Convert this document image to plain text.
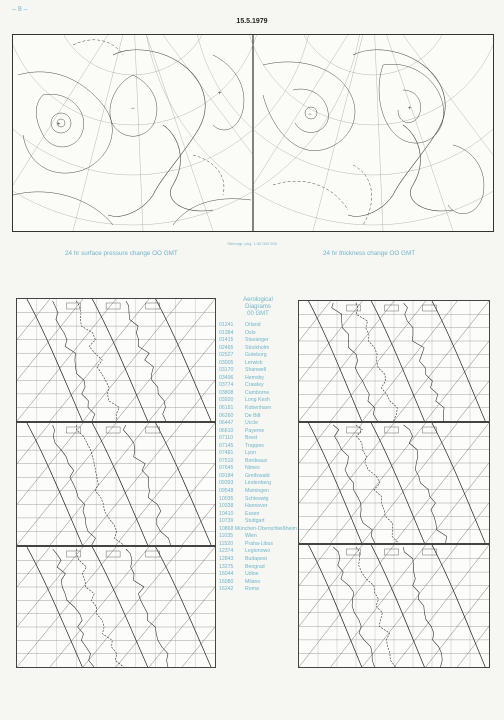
– 8 –
15.5.1979
+
−
+
−
+
Stereogr. proj. 1:30 000 000
24 hr surface pressure change OO GMT	24 hr thickness change OO GMT
Aerological
Diagrams
00 GMT
01241	Orland
01384	Oslo
01415	Stavanger
02465	Stockholm
02527	Goteborg
03005	Lerwick
03170	Shanwell
03496	Hemsby
03774	Crawley
03808	Camborne
03920	Long Kesh
06181	Kobenhavn
06260	De Bilt
06447	Uccle
06610	Payerne
07110	Brest
07145	Trappes
07481	Lyon
07510	Bordeaux
07645	Nimes
09184	Greifswald
09393	Lindenberg
09548	Meiningen
10035	Schleswig
10338	Hannover
10410	Essen
10739	Stuttgart
10868 München-Oberschleißheim
11035	Wien
11520	Praha-Libus
12374	Legionowo
12843	Budapest
13275	Beograd
16044	Udine
16080	Milano
16242	Roma
